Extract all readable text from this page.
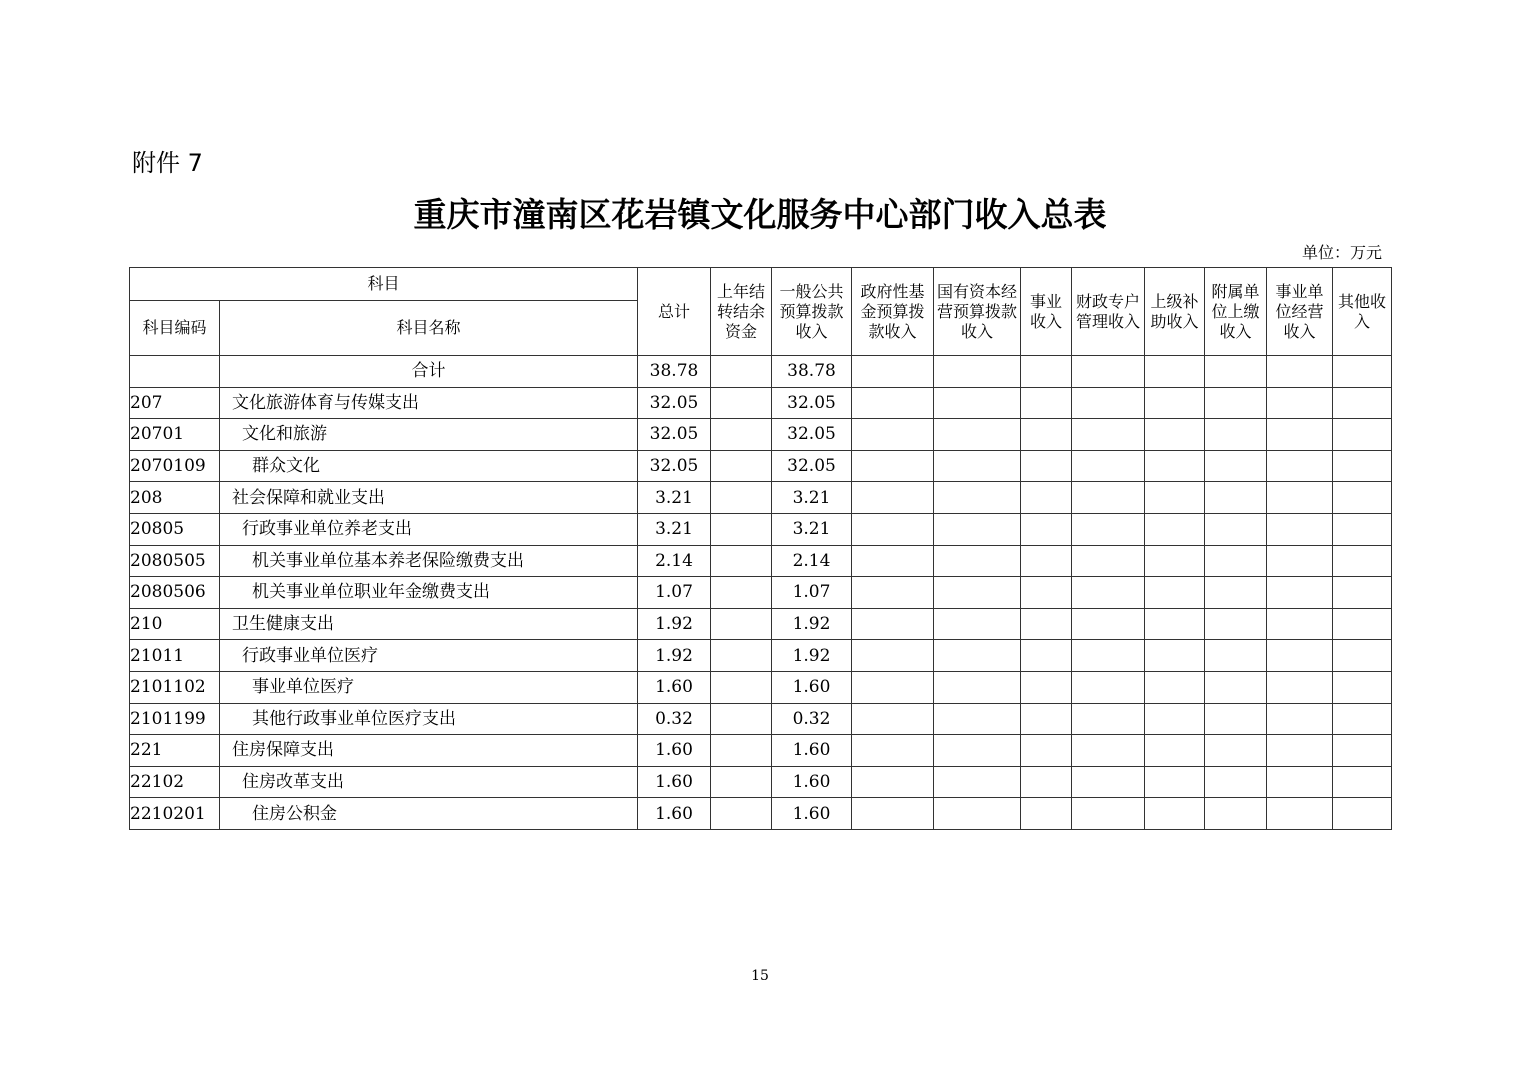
附件 7
重庆市潼南区花岩镇文化服务中心部门收入总表
单位：万元
科目		总计	上年结转结余资金	一般公共预算拨款收入	政府性基金预算拨款收入	国有资本经营预算拨款收入	事业收入	财政专户管理收入	上级补助收入	附属单位上缴收入	事业单位经营收入	其他收入
科目编码	科目名称											
	合计	38.78		38.78								
207	文化旅游体育与传媒支出	32.05		32.05								
20701	文化和旅游	32.05		32.05								
2070109	群众文化	32.05		32.05								
208	社会保障和就业支出	3.21		3.21								
20805	行政事业单位养老支出	3.21		3.21								
2080505	机关事业单位基本养老保险缴费支出	2.14		2.14								
2080506	机关事业单位职业年金缴费支出	1.07		1.07								
210	卫生健康支出	1.92		1.92								
21011	行政事业单位医疗	1.92		1.92								
2101102	事业单位医疗	1.60		1.60								
2101199	其他行政事业单位医疗支出	0.32		0.32								
221	住房保障支出	1.60		1.60								
22102	住房改革支出	1.60		1.60								
2210201	住房公积金	1.60		1.60								
15
